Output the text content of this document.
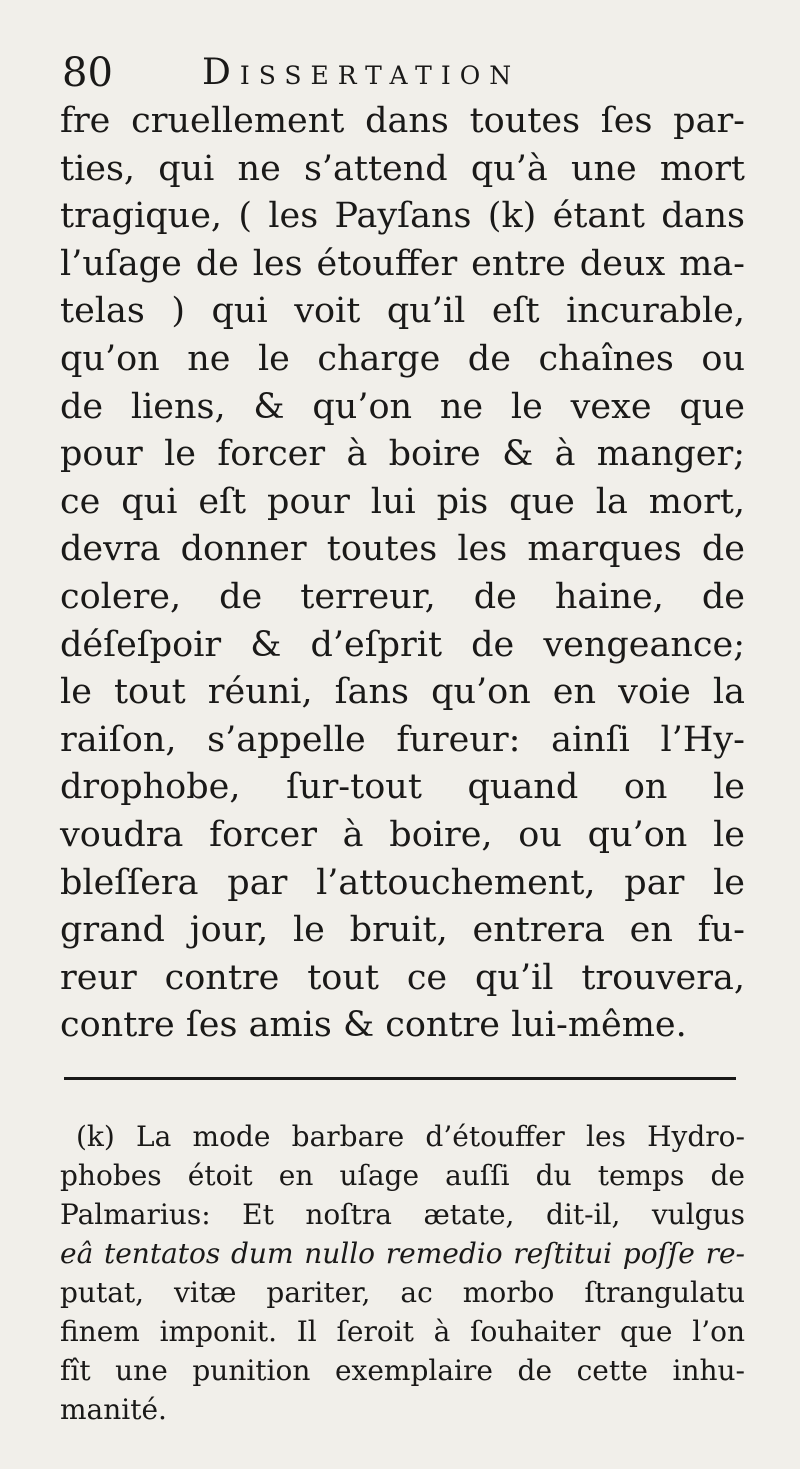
80 Dissertation
fre cruellement dans toutes ſes par-
ties, qui ne s’attend qu’à une mort
tragique, ( les Payſans (k) étant dans
l’uſage de les étouffer entre deux ma-
telas ) qui voit qu’il eſt incurable,
qu’on ne le charge de chaînes ou
de liens, & qu’on ne le vexe que
pour le forcer à boire & à manger;
ce qui eſt pour lui pis que la mort,
devra donner toutes les marques de
colere, de terreur, de haine, de
déſeſpoir & d’eſprit de vengeance;
le tout réuni, ſans qu’on en voie la
raiſon, s’appelle fureur: ainſi l’Hy-
drophobe, ſur-tout quand on le
voudra forcer à boire, ou qu’on le
bleſſera par l’attouchement, par le
grand jour, le bruit, entrera en fu-
reur contre tout ce qu’il trouvera,
contre ſes amis & contre lui-même.
(k) La mode barbare d’étouffer les Hydro-
phobes étoit en uſage auſſi du temps de
Palmarius: Et noſtra ætate, dit-il, vulgus
eâ tentatos dum nullo remedio reſtitui poſſe re-
putat, vitæ pariter, ac morbo ſtrangulatu
finem imponit. Il ſeroit à ſouhaiter que l’on
fît une punition exemplaire de cette inhu-
manité.
